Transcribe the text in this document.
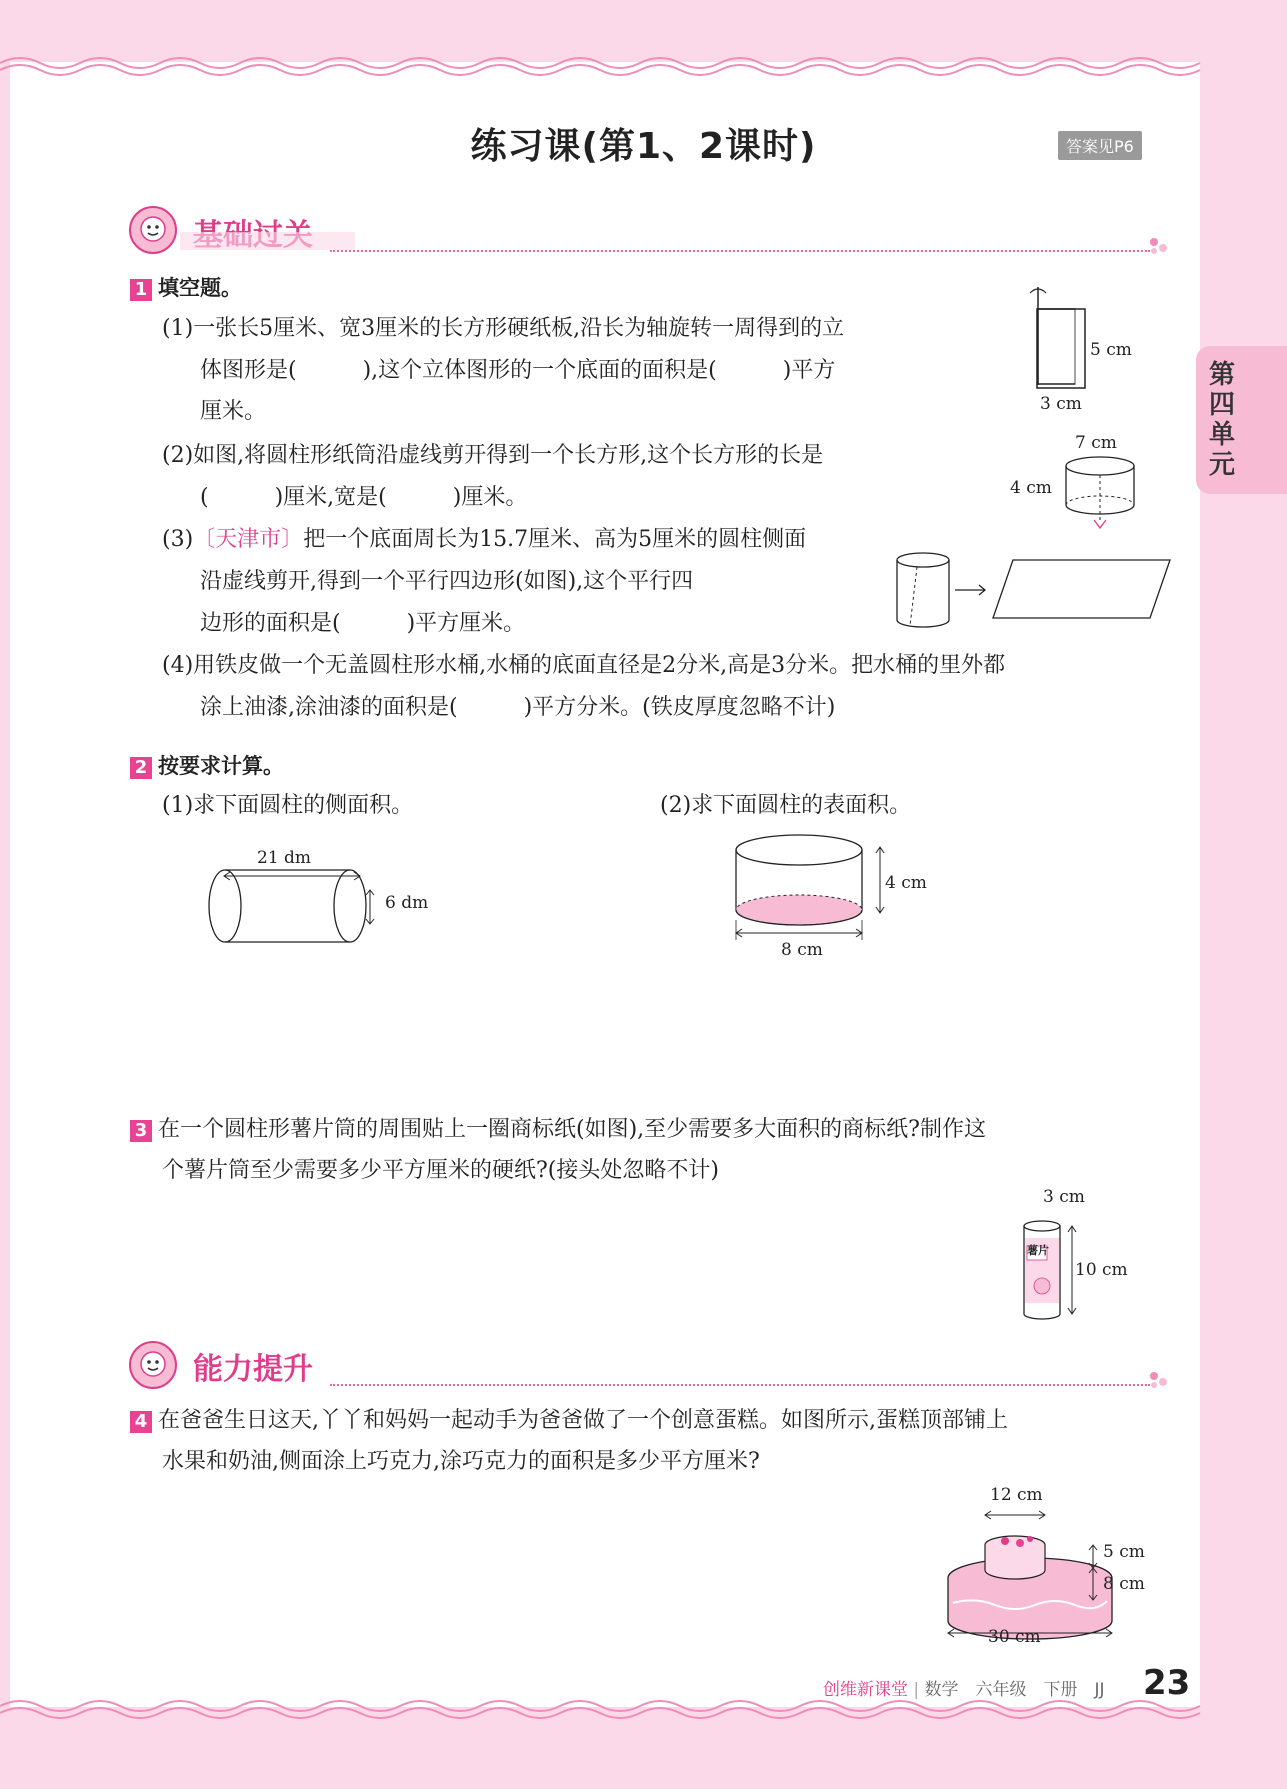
第四单元
练习课(第1、2课时)	答案见P6
1 填空题。
(1)一张长5厘米、宽3厘米的长方形硬纸板,沿长为轴旋转一周得到的立
体图形是(　　　),这个立体图形的一个底面的面积是(　　　)平方
厘米。
(2)如图,将圆柱形纸筒沿虚线剪开得到一个长方形,这个长方形的长是
(　　　)厘米,宽是(　　　)厘米。
(3)〔天津市〕把一个底面周长为15.7厘米、高为5厘米的圆柱侧面
沿虚线剪开,得到一个平行四边形(如图),这个平行四
边形的面积是(　　　)平方厘米。
(4)用铁皮做一个无盖圆柱形水桶,水桶的底面直径是2分米,高是3分米。把水桶的里外都
涂上油漆,涂油漆的面积是(　　　)平方分米。(铁皮厚度忽略不计)
5 cm
3 cm
7 cm
4 cm
2 按要求计算。
(1)求下面圆柱的侧面积。	(2)求下面圆柱的表面积。
21 dm
6 dm
4 cm
8 cm
3 在一个圆柱形薯片筒的周围贴上一圈商标纸(如图),至少需要多大面积的商标纸?制作这
个薯片筒至少需要多少平方厘米的硬纸?(接头处忽略不计)
薯片
3 cm
10 cm
能力提升
4 在爸爸生日这天,丫丫和妈妈一起动手为爸爸做了一个创意蛋糕。如图所示,蛋糕顶部铺上
水果和奶油,侧面涂上巧克力,涂巧克力的面积是多少平方厘米?
12 cm
5 cm
8 cm
30 cm
创维新课堂 | 数学　六年级　下册　JJ 23
